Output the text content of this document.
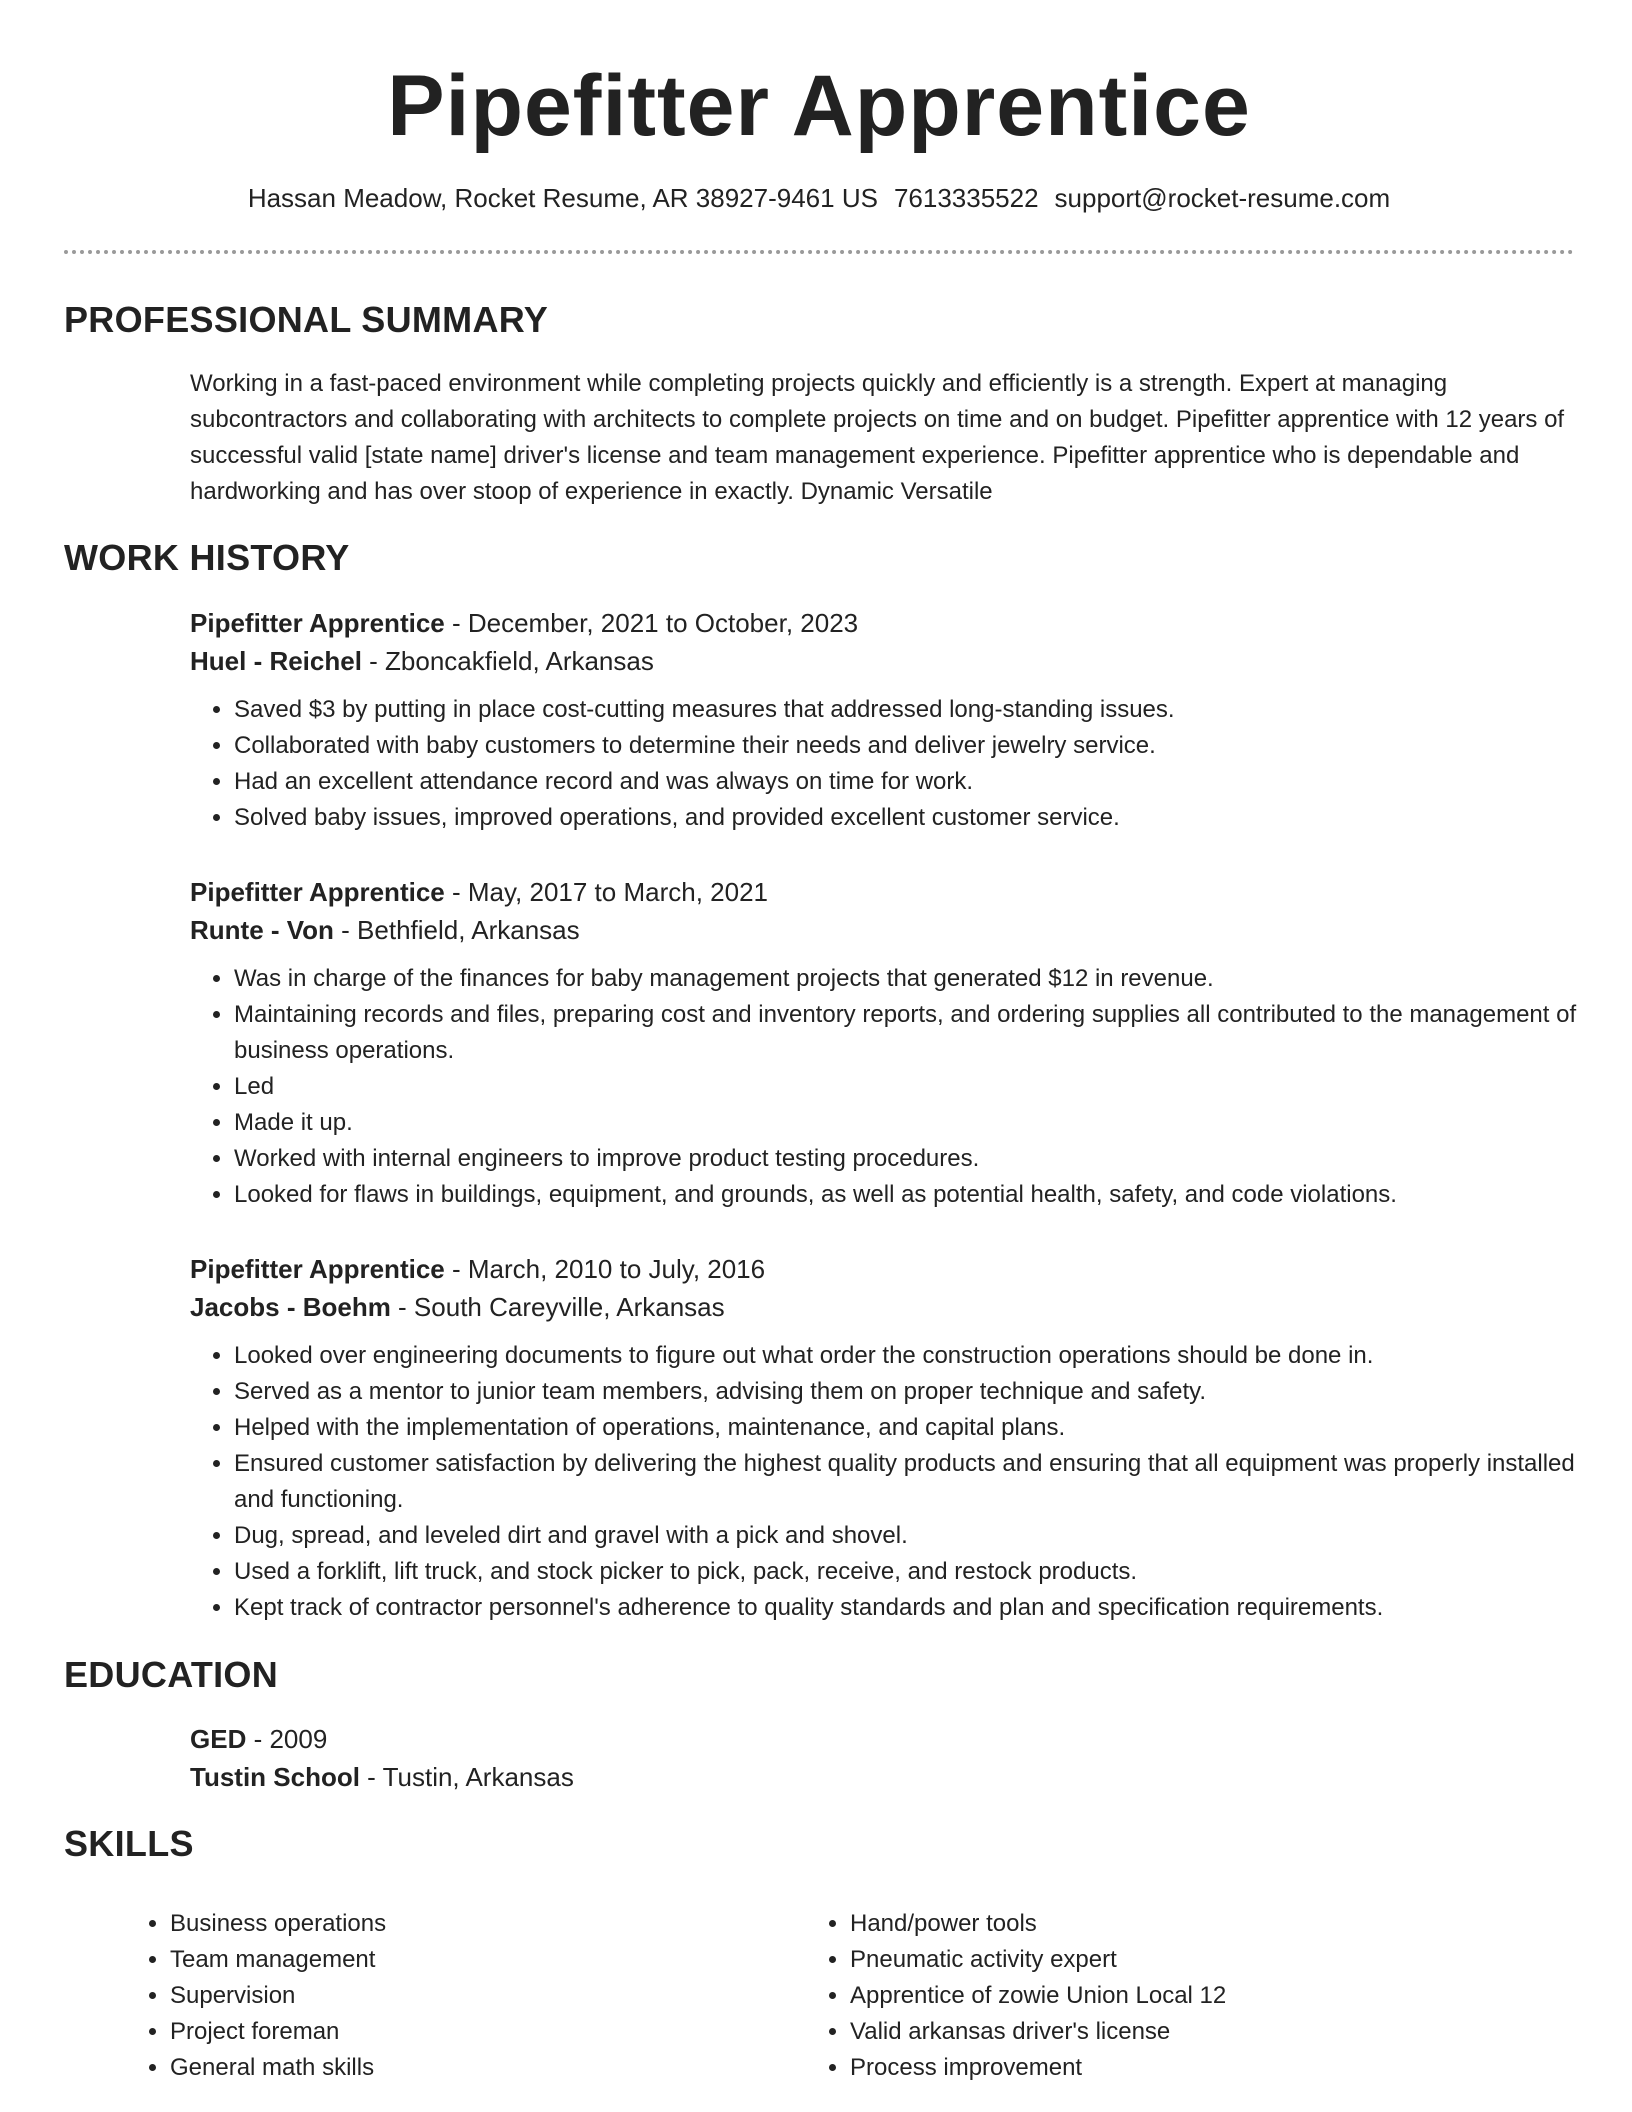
Pipefitter Apprentice
Hassan Meadow, Rocket Resume, AR 38927-9461 US 7613335522 support@rocket-resume.com
PROFESSIONAL SUMMARY
Working in a fast-paced environment while completing projects quickly and efficiently is a strength. Expert at managing subcontractors and collaborating with architects to complete projects on time and on budget. Pipefitter apprentice with 12 years of successful valid [state name] driver's license and team management experience. Pipefitter apprentice who is dependable and hardworking and has over stoop of experience in exactly. Dynamic Versatile
WORK HISTORY
Pipefitter Apprentice - December, 2021 to October, 2023
Huel - Reichel - Zboncakfield, Arkansas
• Saved $3 by putting in place cost-cutting measures that addressed long-standing issues.
• Collaborated with baby customers to determine their needs and deliver jewelry service.
• Had an excellent attendance record and was always on time for work.
• Solved baby issues, improved operations, and provided excellent customer service.
Pipefitter Apprentice - May, 2017 to March, 2021
Runte - Von - Bethfield, Arkansas
• Was in charge of the finances for baby management projects that generated $12 in revenue.
• Maintaining records and files, preparing cost and inventory reports, and ordering supplies all contributed to the management of business operations.
• Led
• Made it up.
• Worked with internal engineers to improve product testing procedures.
• Looked for flaws in buildings, equipment, and grounds, as well as potential health, safety, and code violations.
Pipefitter Apprentice - March, 2010 to July, 2016
Jacobs - Boehm - South Careyville, Arkansas
• Looked over engineering documents to figure out what order the construction operations should be done in.
• Served as a mentor to junior team members, advising them on proper technique and safety.
• Helped with the implementation of operations, maintenance, and capital plans.
• Ensured customer satisfaction by delivering the highest quality products and ensuring that all equipment was properly installed and functioning.
• Dug, spread, and leveled dirt and gravel with a pick and shovel.
• Used a forklift, lift truck, and stock picker to pick, pack, receive, and restock products.
• Kept track of contractor personnel's adherence to quality standards and plan and specification requirements.
EDUCATION
GED - 2009
Tustin School - Tustin, Arkansas
SKILLS
• Business operations
• Team management
• Supervision
• Project foreman
• General math skills
• Hand/power tools
• Pneumatic activity expert
• Apprentice of zowie Union Local 12
• Valid arkansas driver's license
• Process improvement
